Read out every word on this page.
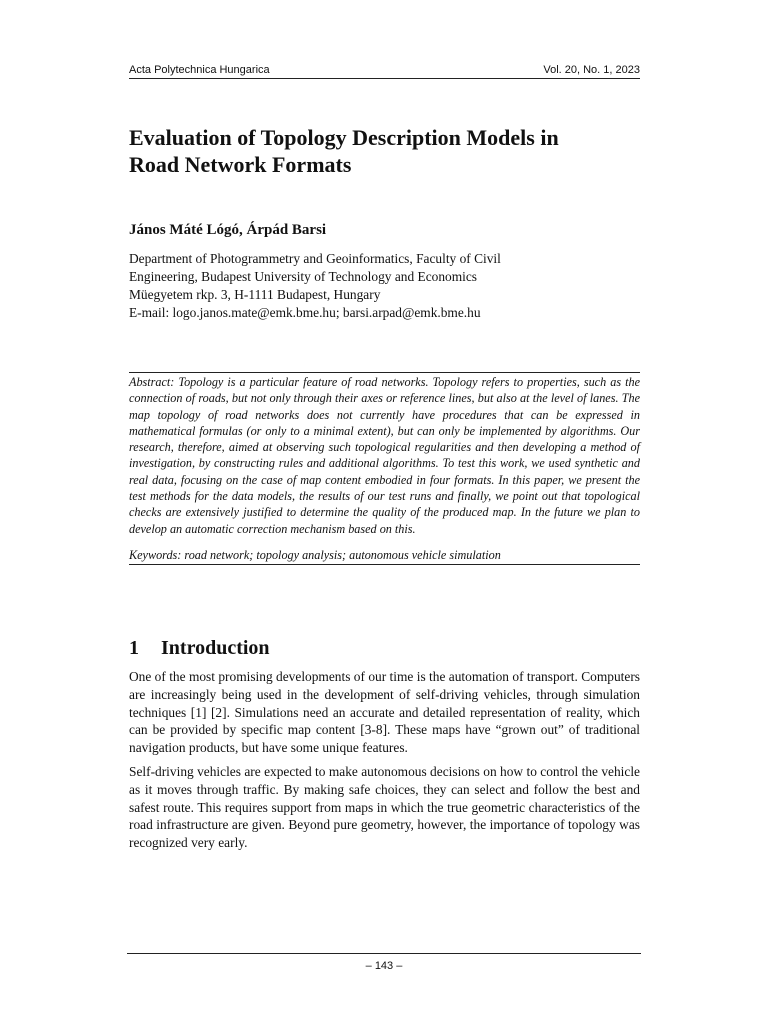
Acta Polytechnica Hungarica	Vol. 20, No. 1, 2023
Evaluation of Topology Description Models in
Road Network Formats
János Máté Lógó, Árpád Barsi
Department of Photogrammetry and Geoinformatics, Faculty of Civil
Engineering, Budapest University of Technology and Economics
Müegyetem rkp. 3, H-1111 Budapest, Hungary
E-mail: logo.janos.mate@emk.bme.hu; barsi.arpad@emk.bme.hu

Abstract: Topology is a particular feature of road networks. Topology refers to properties, such as the connection of roads, but not only through their axes or reference lines, but also at the level of lanes. The map topology of road networks does not currently have procedures that can be expressed in mathematical formulas (or only to a minimal extent), but can only be implemented by algorithms. Our research, therefore, aimed at observing such topological regularities and then developing a method of investigation, by constructing rules and additional algorithms. To test this work, we used synthetic and real data, focusing on the case of map content embodied in four formats. In this paper, we present the test methods for the data models, the results of our test runs and finally, we point out that topological checks are extensively justified to determine the quality of the produced map. In the future we plan to develop an automatic correction mechanism based on this.

Keywords: road network; topology analysis; autonomous vehicle simulation

1	Introduction

One of the most promising developments of our time is the automation of transport. Computers are increasingly being used in the development of self-driving vehicles, through simulation techniques [1] [2]. Simulations need an accurate and detailed representation of reality, which can be provided by specific map content [3-8]. These maps have “grown out” of traditional navigation products, but have some unique features.

Self-driving vehicles are expected to make autonomous decisions on how to control the vehicle as it moves through traffic. By making safe choices, they can select and follow the best and safest route. This requires support from maps in which the true geometric characteristics of the road infrastructure are given. Beyond pure geometry, however, the importance of topology was recognized very early.

– 143 –
